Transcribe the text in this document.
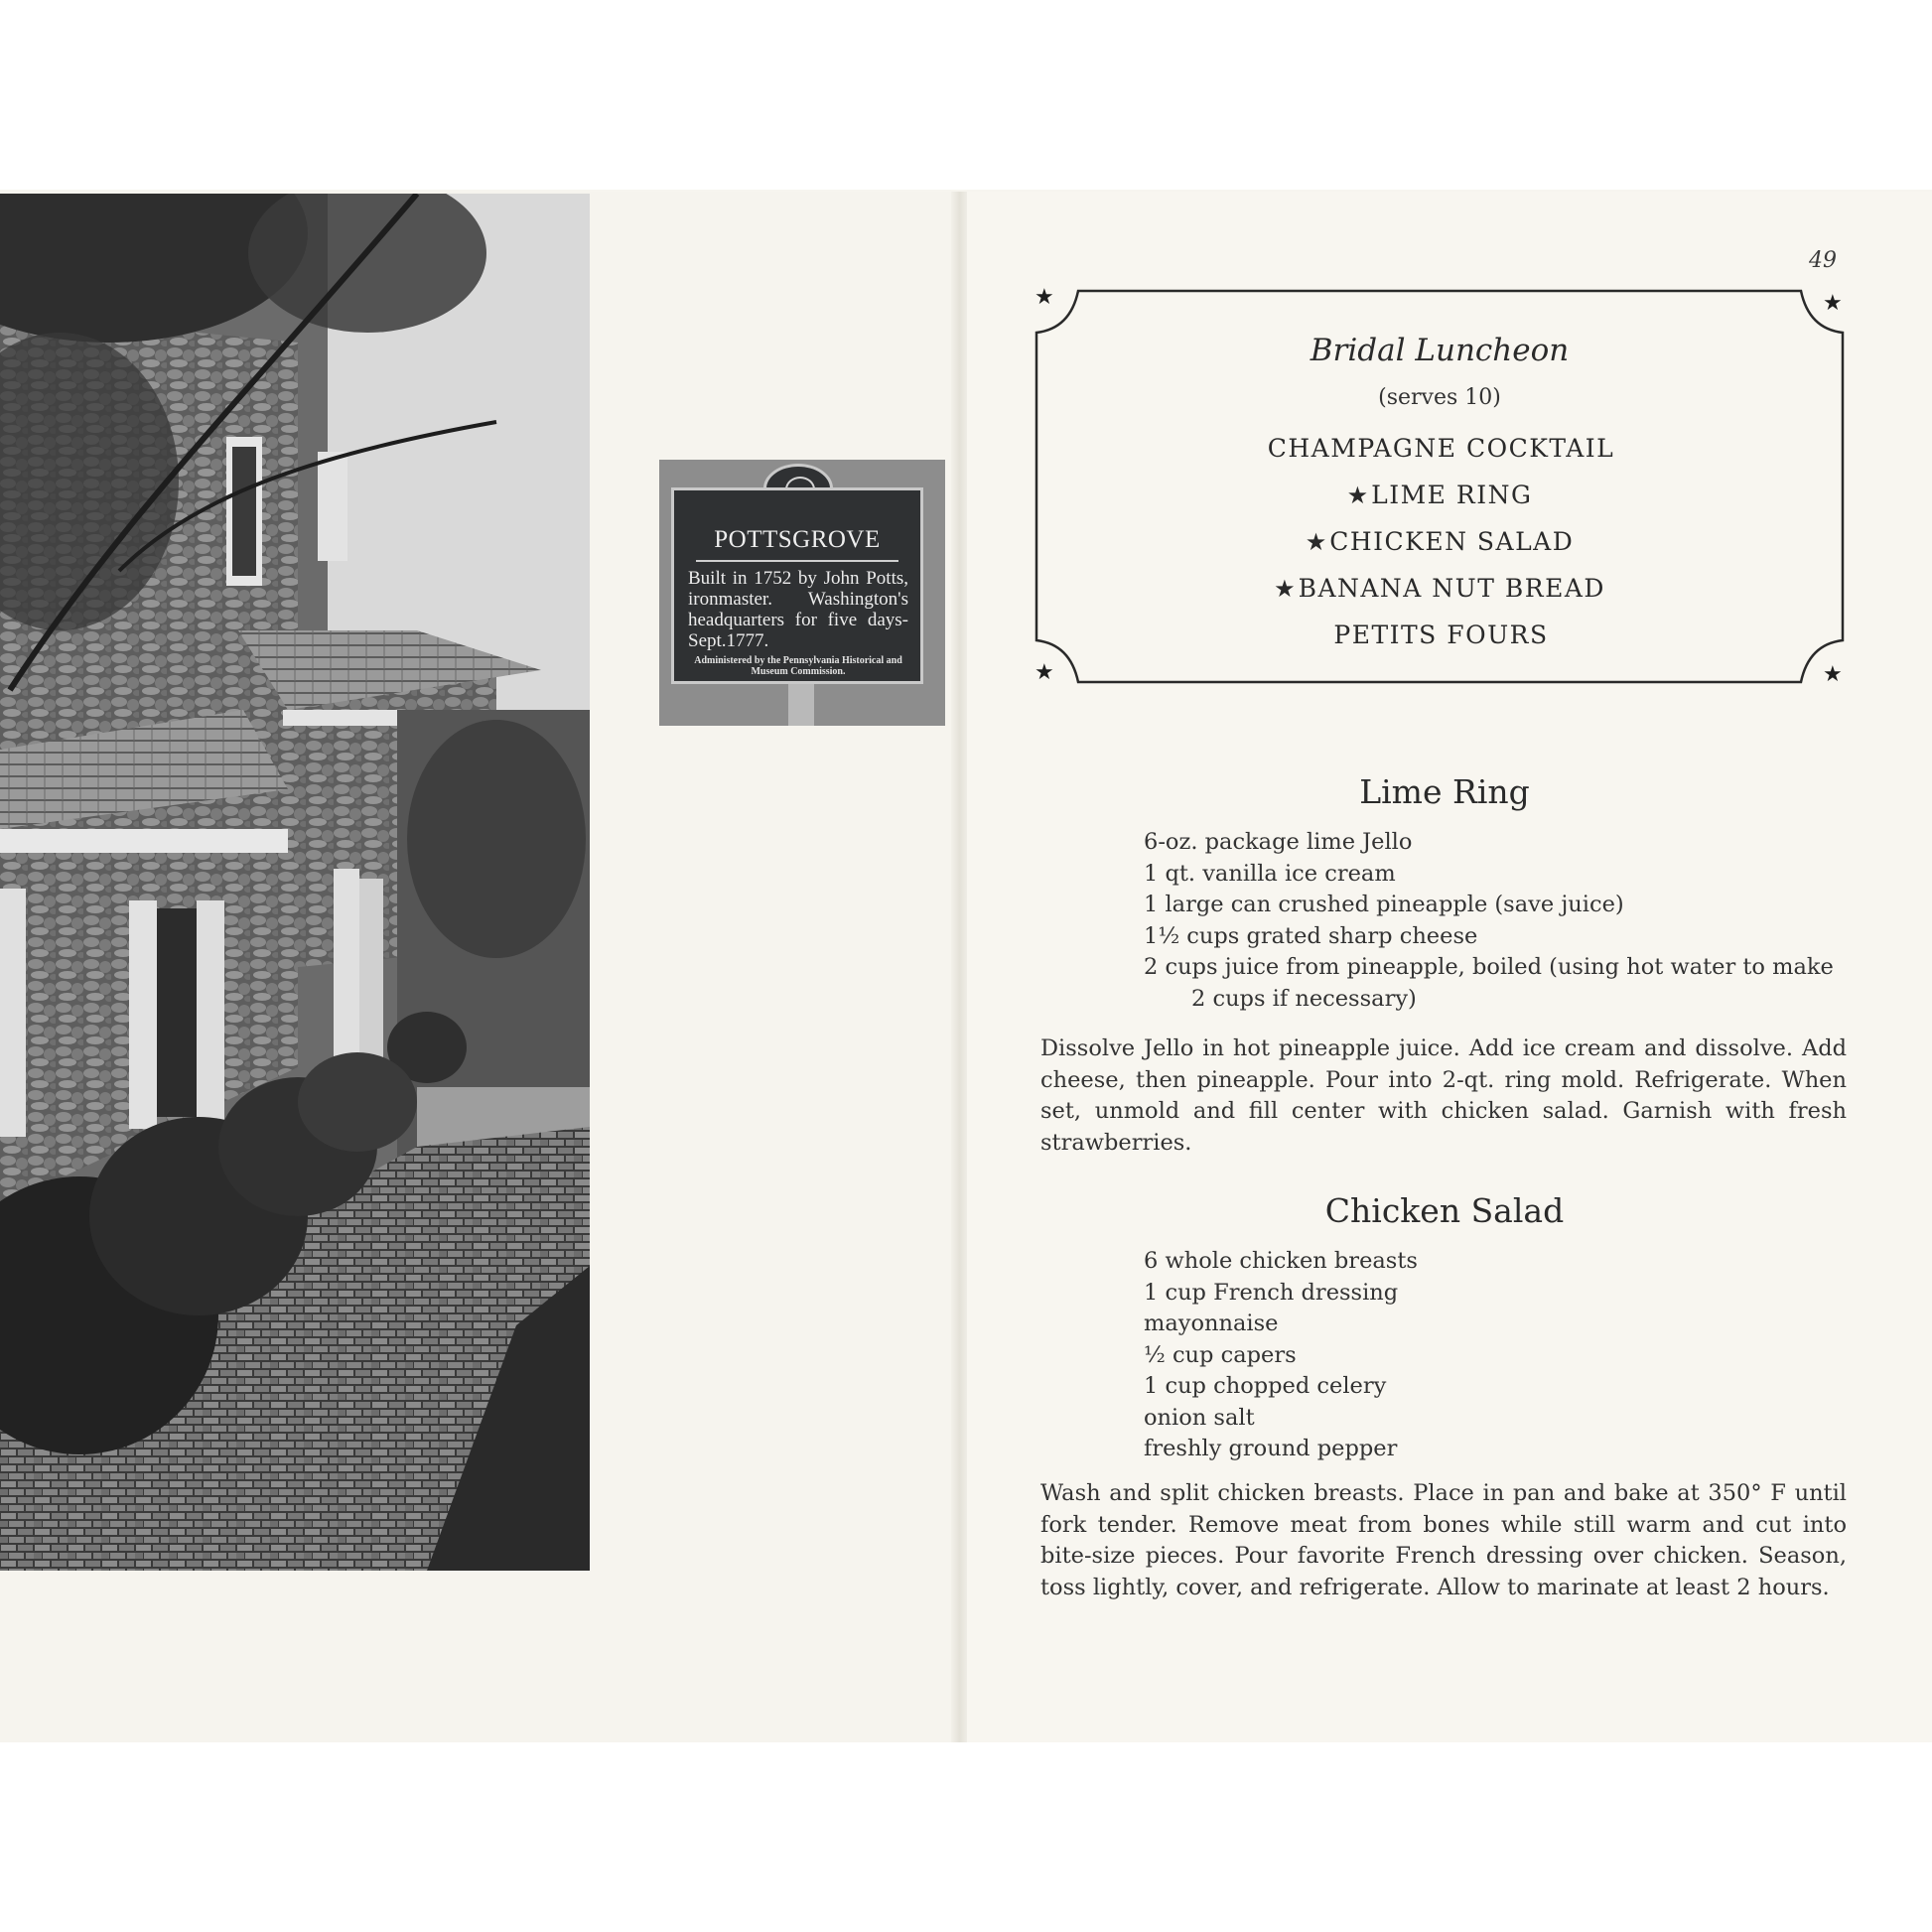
POTTSGROVE
Built in 1752 by John Potts, ironmaster. Washington's headquarters for five days-Sept.1777.
Administered by the Pennsylvania Historical and Museum Commission.
49
★	★
★	★
Bridal Luncheon
(serves 10)
CHAMPAGNE COCKTAIL
★ LIME RING
★ CHICKEN SALAD
★ BANANA NUT BREAD
PETITS FOURS
Lime Ring
6-oz. package lime Jello
1 qt. vanilla ice cream
1 large can crushed pineapple (save juice)
1½ cups grated sharp cheese
2 cups juice from pineapple, boiled (using hot water to make
2 cups if necessary)

Dissolve Jello in hot pineapple juice. Add ice cream and dissolve. Add cheese, then pineapple. Pour into 2-qt. ring mold. Refrigerate. When set, unmold and fill center with chicken salad. Garnish with fresh strawberries.

Chicken Salad
6 whole chicken breasts
1 cup French dressing
mayonnaise
½ cup capers
1 cup chopped celery
onion salt
freshly ground pepper

Wash and split chicken breasts. Place in pan and bake at 350° F until fork tender. Remove meat from bones while still warm and cut into bite-size pieces. Pour favorite French dressing over chicken. Season, toss lightly, cover, and refrigerate. Allow to marinate at least 2 hours.
